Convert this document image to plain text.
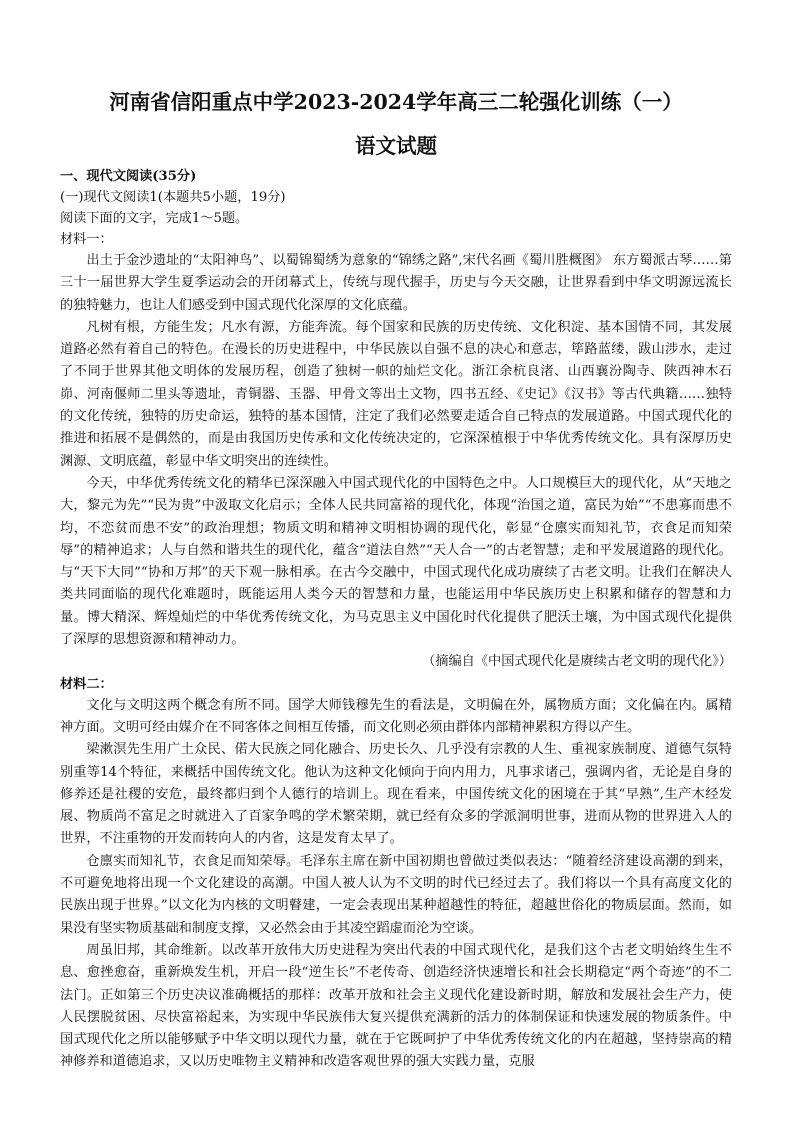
河南省信阳重点中学2023-2024学年高三二轮强化训练（一）
语文试题

一、现代文阅读(35分)

(一)现代文阅读1(本题共5小题，19分)

阅读下面的文字，完成1～5题。

材料一：

出土于金沙遗址的“太阳神鸟”、以蜀锦蜀绣为意象的“锦绣之路”,宋代名画《蜀川胜概图》 东方蜀派古琴……第三十一届世界大学生夏季运动会的开闭幕式上，传统与现代握手，历史与今天交融，让世界看到中华文明源远流长的独特魅力，也让人们感受到中国式现代化深厚的文化底蕴。

凡树有根，方能生发；凡水有源，方能奔流。每个国家和民族的历史传统、文化积淀、基本国情不同，其发展道路必然有着自己的特色。在漫长的历史进程中，中华民族以自强不息的决心和意志，筚路蓝缕，跋山涉水，走过了不同于世界其他文明体的发展历程，创造了独树一帜的灿烂文化。浙江余杭良渚、山西襄汾陶寺、陕西神木石峁、河南偃师二里头等遗址，青铜器、玉器、甲骨文等出土文物，四书五经、《史记》《汉书》等古代典籍……独特的文化传统，独特的历史命运，独特的基本国情，注定了我们必然要走适合自己特点的发展道路。中国式现代化的推进和拓展不是偶然的，而是由我国历史传承和文化传统决定的，它深深植根于中华优秀传统文化。具有深厚历史渊源、文明底蕴，彰显中华文明突出的连续性。

今天，中华优秀传统文化的精华已深深融入中国式现代化的中国特色之中。人口规模巨大的现代化，从“天地之大，黎元为先”“民为贵”中汲取文化启示；全体人民共同富裕的现代化，体现“治国之道，富民为始”“不患寡而患不均，不恋贫而患不安”的政治理想；物质文明和精神文明相协调的现代化，彰显“仓廪实而知礼节，衣食足而知荣辱”的精神追求；人与自然和谐共生的现代化，蕴含“道法自然”“天人合一”的古老智慧；走和平发展道路的现代化。与“天下大同”“协和万邦”的天下观一脉相承。在古今交融中，中国式现代化成功赓续了古老文明。让我们在解决人类共同面临的现代化难题时，既能运用人类今天的智慧和力量，也能运用中华民族历史上积累和储存的智慧和力量。博大精深、辉煌灿烂的中华优秀传统文化，为马克思主义中国化时代化提供了肥沃土壤，为中国式现代化提供了深厚的思想资源和精神动力。

（摘编自《中国式现代化是赓续古老文明的现代化》）

材料二：

文化与文明这两个概念有所不同。国学大师钱穆先生的看法是，文明偏在外，属物质方面；文化偏在内。属精神方面。文明可经由媒介在不同客体之间相互传播，而文化则必须由群体内部精神累积方得以产生。

梁漱溟先生用广土众民、偌大民族之同化融合、历史长久、几乎没有宗教的人生、重视家族制度、道德气氛特别重等14个特征，来概括中国传统文化。他认为这种文化倾向于向内用力，凡事求诸己，强调内省，无论是自身的修养还是社稷的安危，最终都归到个人德行的培训上。现在看来，中国传统文化的困境在于其“早熟”,生产木经发展、物质尚不富足之时就进入了百家争鸣的学术繁荣期，就已经有众多的学派洞明世事，进而从物的世界进入人的世界，不注重物的开发而转向人的内省，这是发育太早了。

仓廪实而知礼节，衣食足而知荣辱。毛泽东主席在新中国初期也曾做过类似表达：“随着经济建设高潮的到来，不可避免地将出现一个文化建设的高潮。中国人被人认为不文明的时代已经过去了。我们将以一个具有高度文化的民族出现于世界。”以文化为内核的文明瞽建，一定会表现出某种超越性的特征，超越世俗化的物质层面。然而，如果没有坚实物质基础和制度支撑，又必然会由于其凌空蹈虚而沦为空谈。

周虽旧邦，其命维新。以改革开放伟大历史进程为突出代表的中国式现代化，是我们这个古老文明始终生生不息、愈挫愈奋，重新焕发生机，开启一段“逆生长”不老传奇、创造经济快速增长和社会长期稳定“两个奇迹”的不二法门。正如第三个历史决议准确概括的那样：改革开放和社会主义现代化建设新时期，解放和发展社会生产力，使人民摆脱贫困、尽快富裕起来，为实现中华民族伟大复兴提供充满新的活力的体制保证和快速发展的物质条件。中国式现代化之所以能够赋予中华文明以现代力量，就在于它既呵护了中华优秀传统文化的内在超越，坚持崇高的精神修养和道德追求，又以历史唯物主义精神和改造客观世界的强大实践力量，克服
